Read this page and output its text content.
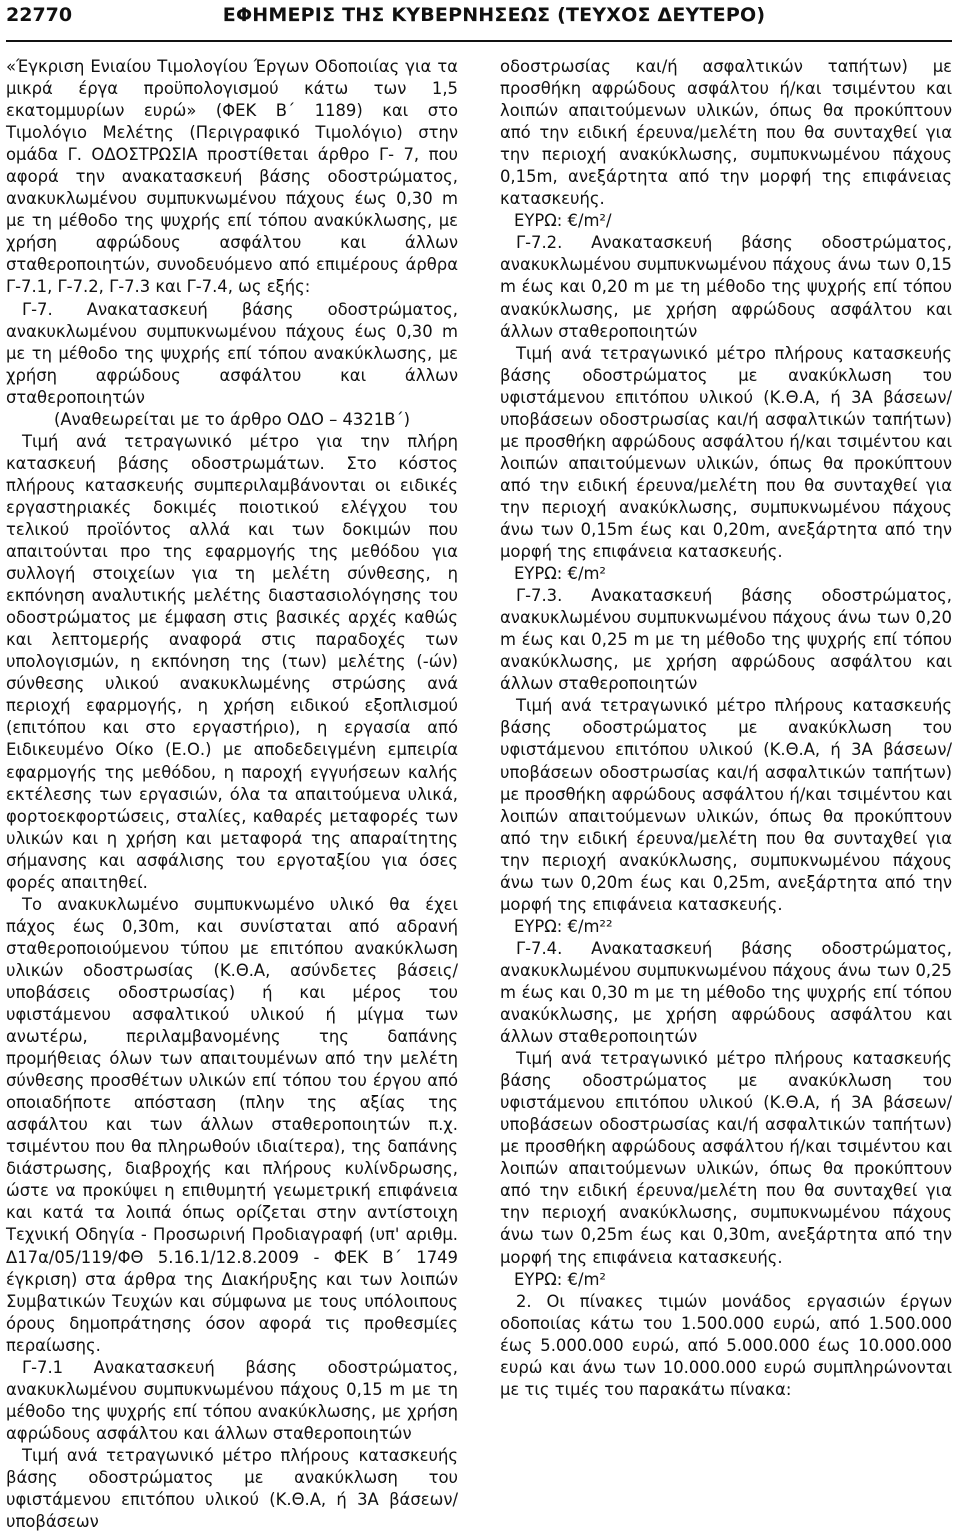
22770	ΕΦΗΜΕΡΙΣ ΤΗΣ ΚΥΒΕΡΝΗΣΕΩΣ (ΤΕΥΧΟΣ ΔΕΥΤΕΡΟ)

«Έγκριση Ενιαίου Τιμολογίου Έργων Οδοποιίας για τα μικρά έργα προϋπολογισμού κάτω των 1,5 εκατομμυρίων ευρώ» (ΦΕΚ Β΄ 1189) και στο Τιμολόγιο Μελέτης (Περιγραφικό Τιμολόγιο) στην ομάδα Γ. ΟΔΟΣΤΡΩΣΙΑ προστίθεται άρθρο Γ- 7, που αφορά την ανακατασκευή βάσης οδοστρώματος, ανακυκλωμένου συμπυκνωμένου πάχους έως 0,30 m με τη μέθοδο της ψυχρής επί τόπου ανακύκλωσης, με χρήση αφρώδους ασφάλτου και άλλων σταθεροποιητών, συνοδευόμενο από επιμέρους άρθρα Γ-7.1, Γ-7.2, Γ-7.3 και Γ-7.4, ως εξής:

Γ-7. Ανακατασκευή βάσης οδοστρώματος, ανακυκλωμένου συμπυκνωμένου πάχους έως 0,30 m με τη μέθοδο της ψυχρής επί τόπου ανακύκλωσης, με χρήση αφρώδους ασφάλτου και άλλων σταθεροποιητών

(Αναθεωρείται με το άρθρο ΟΔΟ – 4321Β΄)

Τιμή ανά τετραγωνικό μέτρο για την πλήρη κατασκευή βάσης οδοστρωμάτων. Στο κόστος πλήρους κατασκευής συμπεριλαμβάνονται οι ειδικές εργαστηριακές δοκιμές ποιοτικού ελέγχου του τελικού προϊόντος αλλά και των δοκιμών που απαιτούνται προ της εφαρμογής της μεθόδου για συλλογή στοιχείων για τη μελέτη σύνθεσης, η εκπόνηση αναλυτικής μελέτης διαστασιολόγησης του οδοστρώματος με έμφαση στις βασικές αρχές καθώς και λεπτομερής αναφορά στις παραδοχές των υπολογισμών, η εκπόνηση της (των) μελέτης (-ών) σύνθεσης υλικού ανακυκλωμένης στρώσης ανά περιοχή εφαρμογής, η χρήση ειδικού εξοπλισμού (επιτόπου και στο εργαστήριο), η εργασία από Ειδικευμένο Οίκο (Ε.Ο.) με αποδεδειγμένη εμπειρία εφαρμογής της μεθόδου, η παροχή εγγυήσεων καλής εκτέλεσης των εργασιών, όλα τα απαιτούμενα υλικά, φορτοεκφορτώσεις, σταλίες, καθαρές μεταφορές των υλικών και η χρήση και μεταφορά της απαραίτητης σήμανσης και ασφάλισης του εργοταξίου για όσες φορές απαιτηθεί.

Το ανακυκλωμένο συμπυκνωμένο υλικό θα έχει πάχος έως 0,30m, και συνίσταται από αδρανή σταθεροποιούμενου τύπου με επιτόπου ανακύκλωση υλικών οδοστρωσίας (Κ.Θ.Α, ασύνδετες βάσεις/υποβάσεις οδοστρωσίας) ή και μέρος του υφιστάμενου ασφαλτικού υλικού ή μίγμα των ανωτέρω, περιλαμβανομένης της δαπάνης προμήθειας όλων των απαιτουμένων από την μελέτη σύνθεσης προσθέτων υλικών επί τόπου του έργου από οποιαδήποτε απόσταση (πλην της αξίας της ασφάλτου και των άλλων σταθεροποιητών π.χ. τσιμέντου που θα πληρωθούν ιδιαίτερα), της δαπάνης διάστρωσης, διαβροχής και πλήρους κυλίνδρωσης, ώστε να προκύψει η επιθυμητή γεωμετρική επιφάνεια και κατά τα λοιπά όπως ορίζεται στην αντίστοιχη Τεχνική Οδηγία - Προσωρινή Προδιαγραφή (υπ' αριθμ. Δ17α/05/119/ΦΘ 5.16.1/12.8.2009 - ΦΕΚ Β΄ 1749 έγκριση) στα άρθρα της Διακήρυξης και των λοιπών Συμβατικών Τευχών και σύμφωνα με τους υπόλοιπους όρους δημοπράτησης όσον αφορά τις προθεσμίες περαίωσης.

Γ-7.1 Ανακατασκευή βάσης οδοστρώματος, ανακυκλωμένου συμπυκνωμένου πάχους 0,15 m με τη μέθοδο της ψυχρής επί τόπου ανακύκλωσης, με χρήση αφρώδους ασφάλτου και άλλων σταθεροποιητών

Τιμή ανά τετραγωνικό μέτρο πλήρους κατασκευής βάσης οδοστρώματος με ανακύκλωση του υφιστάμενου επιτόπου υλικού (Κ.Θ.Α, ή 3Α βάσεων/υποβάσεων

οδοστρωσίας και/ή ασφαλτικών ταπήτων) με προσθήκη αφρώδους ασφάλτου ή/και τσιμέντου και λοιπών απαιτούμενων υλικών, όπως θα προκύπτουν από την ειδική έρευνα/μελέτη που θα συνταχθεί για την περιοχή ανακύκλωσης, συμπυκνωμένου πάχους 0,15m, ανεξάρτητα από την μορφή της επιφάνειας κατασκευής.

ΕΥΡΩ: €/m²/

Γ-7.2. Ανακατασκευή βάσης οδοστρώματος, ανακυκλωμένου συμπυκνωμένου πάχους άνω των 0,15 m έως και 0,20 m με τη μέθοδο της ψυχρής επί τόπου ανακύκλωσης, με χρήση αφρώδους ασφάλτου και άλλων σταθεροποιητών

Τιμή ανά τετραγωνικό μέτρο πλήρους κατασκευής βάσης οδοστρώματος με ανακύκλωση του υφιστάμενου επιτόπου υλικού (Κ.Θ.Α, ή 3Α βάσεων/υποβάσεων οδοστρωσίας και/ή ασφαλτικών ταπήτων) με προσθήκη αφρώδους ασφάλτου ή/και τσιμέντου και λοιπών απαιτούμενων υλικών, όπως θα προκύπτουν από την ειδική έρευνα/μελέτη που θα συνταχθεί για την περιοχή ανακύκλωσης, συμπυκνωμένου πάχους άνω των 0,15m έως και 0,20m, ανεξάρτητα από την μορφή της επιφάνεια κατασκευής.

ΕΥΡΩ: €/m²

Γ-7.3. Ανακατασκευή βάσης οδοστρώματος, ανακυκλωμένου συμπυκνωμένου πάχους άνω των 0,20 m έως και 0,25 m με τη μέθοδο της ψυχρής επί τόπου ανακύκλωσης, με χρήση αφρώδους ασφάλτου και άλλων σταθεροποιητών

Τιμή ανά τετραγωνικό μέτρο πλήρους κατασκευής βάσης οδοστρώματος με ανακύκλωση του υφιστάμενου επιτόπου υλικού (Κ.Θ.Α, ή 3Α βάσεων/υποβάσεων οδοστρωσίας και/ή ασφαλτικών ταπήτων) με προσθήκη αφρώδους ασφάλτου ή/και τσιμέντου και λοιπών απαιτούμενων υλικών, όπως θα προκύπτουν από την ειδική έρευνα/μελέτη που θα συνταχθεί για την περιοχή ανακύκλωσης, συμπυκνωμένου πάχους άνω των 0,20m έως και 0,25m, ανεξάρτητα από την μορφή της επιφάνεια κατασκευής.

ΕΥΡΩ: €/m²²

Γ-7.4. Ανακατασκευή βάσης οδοστρώματος, ανακυκλωμένου συμπυκνωμένου πάχους άνω των 0,25 m έως και 0,30 m με τη μέθοδο της ψυχρής επί τόπου ανακύκλωσης, με χρήση αφρώδους ασφάλτου και άλλων σταθεροποιητών

Τιμή ανά τετραγωνικό μέτρο πλήρους κατασκευής βάσης οδοστρώματος με ανακύκλωση του υφιστάμενου επιτόπου υλικού (Κ.Θ.Α, ή 3Α βάσεων/υποβάσεων οδοστρωσίας και/ή ασφαλτικών ταπήτων) με προσθήκη αφρώδους ασφάλτου ή/και τσιμέντου και λοιπών απαιτούμενων υλικών, όπως θα προκύπτουν από την ειδική έρευνα/μελέτη που θα συνταχθεί για την περιοχή ανακύκλωσης, συμπυκνωμένου πάχους άνω των 0,25m έως και 0,30m, ανεξάρτητα από την μορφή της επιφάνεια κατασκευής.

ΕΥΡΩ: €/m²

2. Οι πίνακες τιμών μονάδος εργασιών έργων οδοποιίας κάτω του 1.500.000 ευρώ, από 1.500.000 έως 5.000.000 ευρώ, από 5.000.000 έως 10.000.000 ευρώ και άνω των 10.000.000 ευρώ συμπληρώνονται με τις τιμές του παρακάτω πίνακα:
